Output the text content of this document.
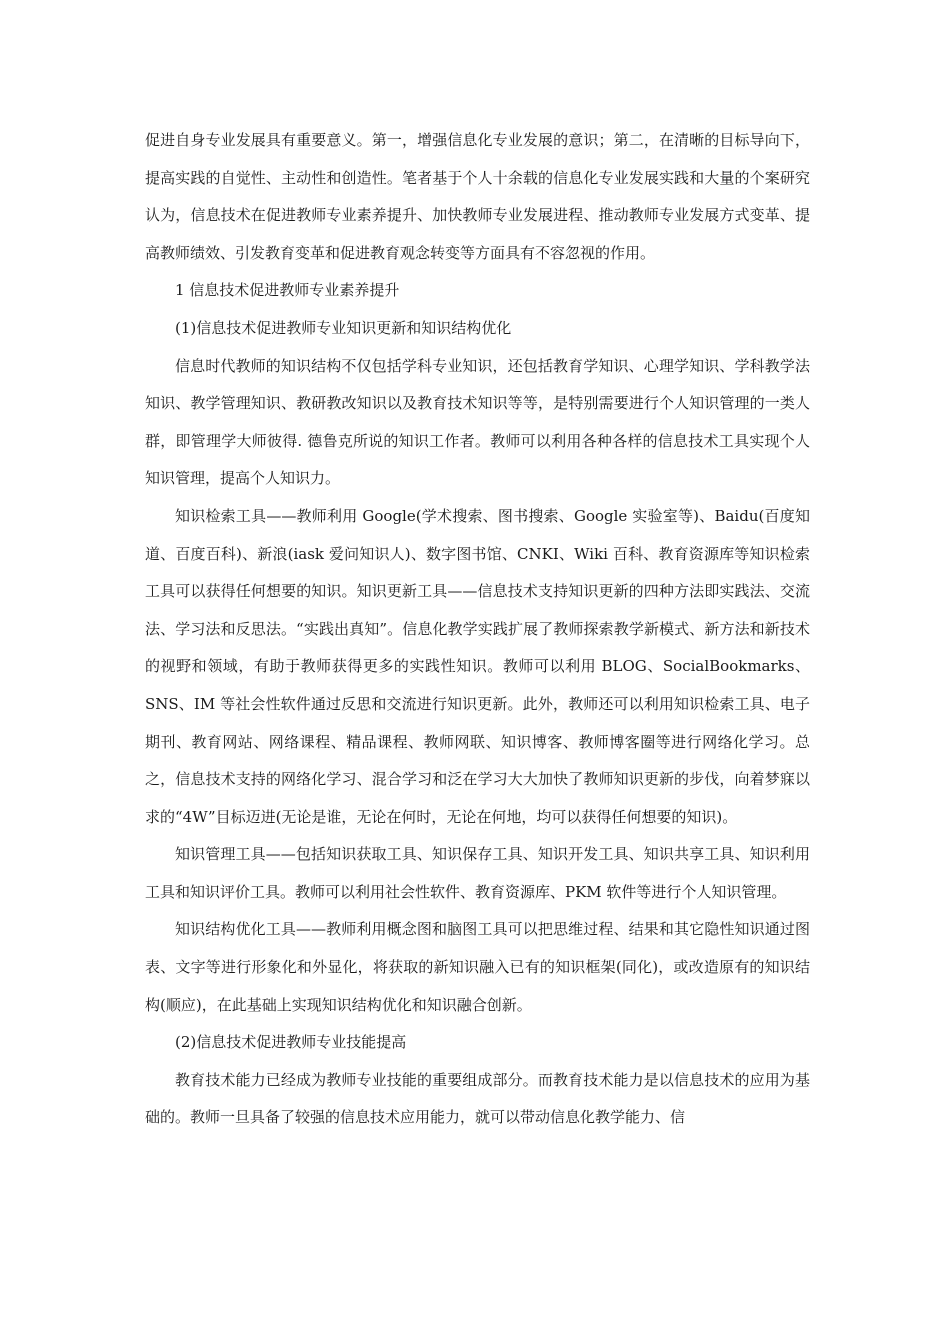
促进自身专业发展具有重要意义。第一，增强信息化专业发展的意识；第二，在清晰的目标导向下，提高实践的自觉性、主动性和创造性。笔者基于个人十余载的信息化专业发展实践和大量的个案研究认为，信息技术在促进教师专业素养提升、加快教师专业发展进程、推动教师专业发展方式变革、提高教师绩效、引发教育变革和促进教育观念转变等方面具有不容忽视的作用。

1 信息技术促进教师专业素养提升

(1)信息技术促进教师专业知识更新和知识结构优化

信息时代教师的知识结构不仅包括学科专业知识，还包括教育学知识、心理学知识、学科教学法知识、教学管理知识、教研教改知识以及教育技术知识等等，是特别需要进行个人知识管理的一类人群，即管理学大师彼得. 德鲁克所说的知识工作者。教师可以利用各种各样的信息技术工具实现个人知识管理，提高个人知识力。

知识检索工具——教师利用 Google(学术搜索、图书搜索、Google 实验室等)、Baidu(百度知道、百度百科)、新浪(iask 爱问知识人)、数字图书馆、CNKI、Wiki 百科、教育资源库等知识检索工具可以获得任何想要的知识。知识更新工具——信息技术支持知识更新的四种方法即实践法、交流法、学习法和反思法。“实践出真知”。信息化教学实践扩展了教师探索教学新模式、新方法和新技术的视野和领域，有助于教师获得更多的实践性知识。教师可以利用 BLOG、SocialBookmarks、SNS、IM 等社会性软件通过反思和交流进行知识更新。此外，教师还可以利用知识检索工具、电子期刊、教育网站、网络课程、精品课程、教师网联、知识博客、教师博客圈等进行网络化学习。总之，信息技术支持的网络化学习、混合学习和泛在学习大大加快了教师知识更新的步伐，向着梦寐以求的“4W”目标迈进(无论是谁，无论在何时，无论在何地，均可以获得任何想要的知识)。

知识管理工具——包括知识获取工具、知识保存工具、知识开发工具、知识共享工具、知识利用工具和知识评价工具。教师可以利用社会性软件、教育资源库、PKM 软件等进行个人知识管理。

知识结构优化工具——教师利用概念图和脑图工具可以把思维过程、结果和其它隐性知识通过图表、文字等进行形象化和外显化，将获取的新知识融入已有的知识框架(同化)，或改造原有的知识结构(顺应)，在此基础上实现知识结构优化和知识融合创新。

(2)信息技术促进教师专业技能提高

教育技术能力已经成为教师专业技能的重要组成部分。而教育技术能力是以信息技术的应用为基础的。教师一旦具备了较强的信息技术应用能力，就可以带动信息化教学能力、信
